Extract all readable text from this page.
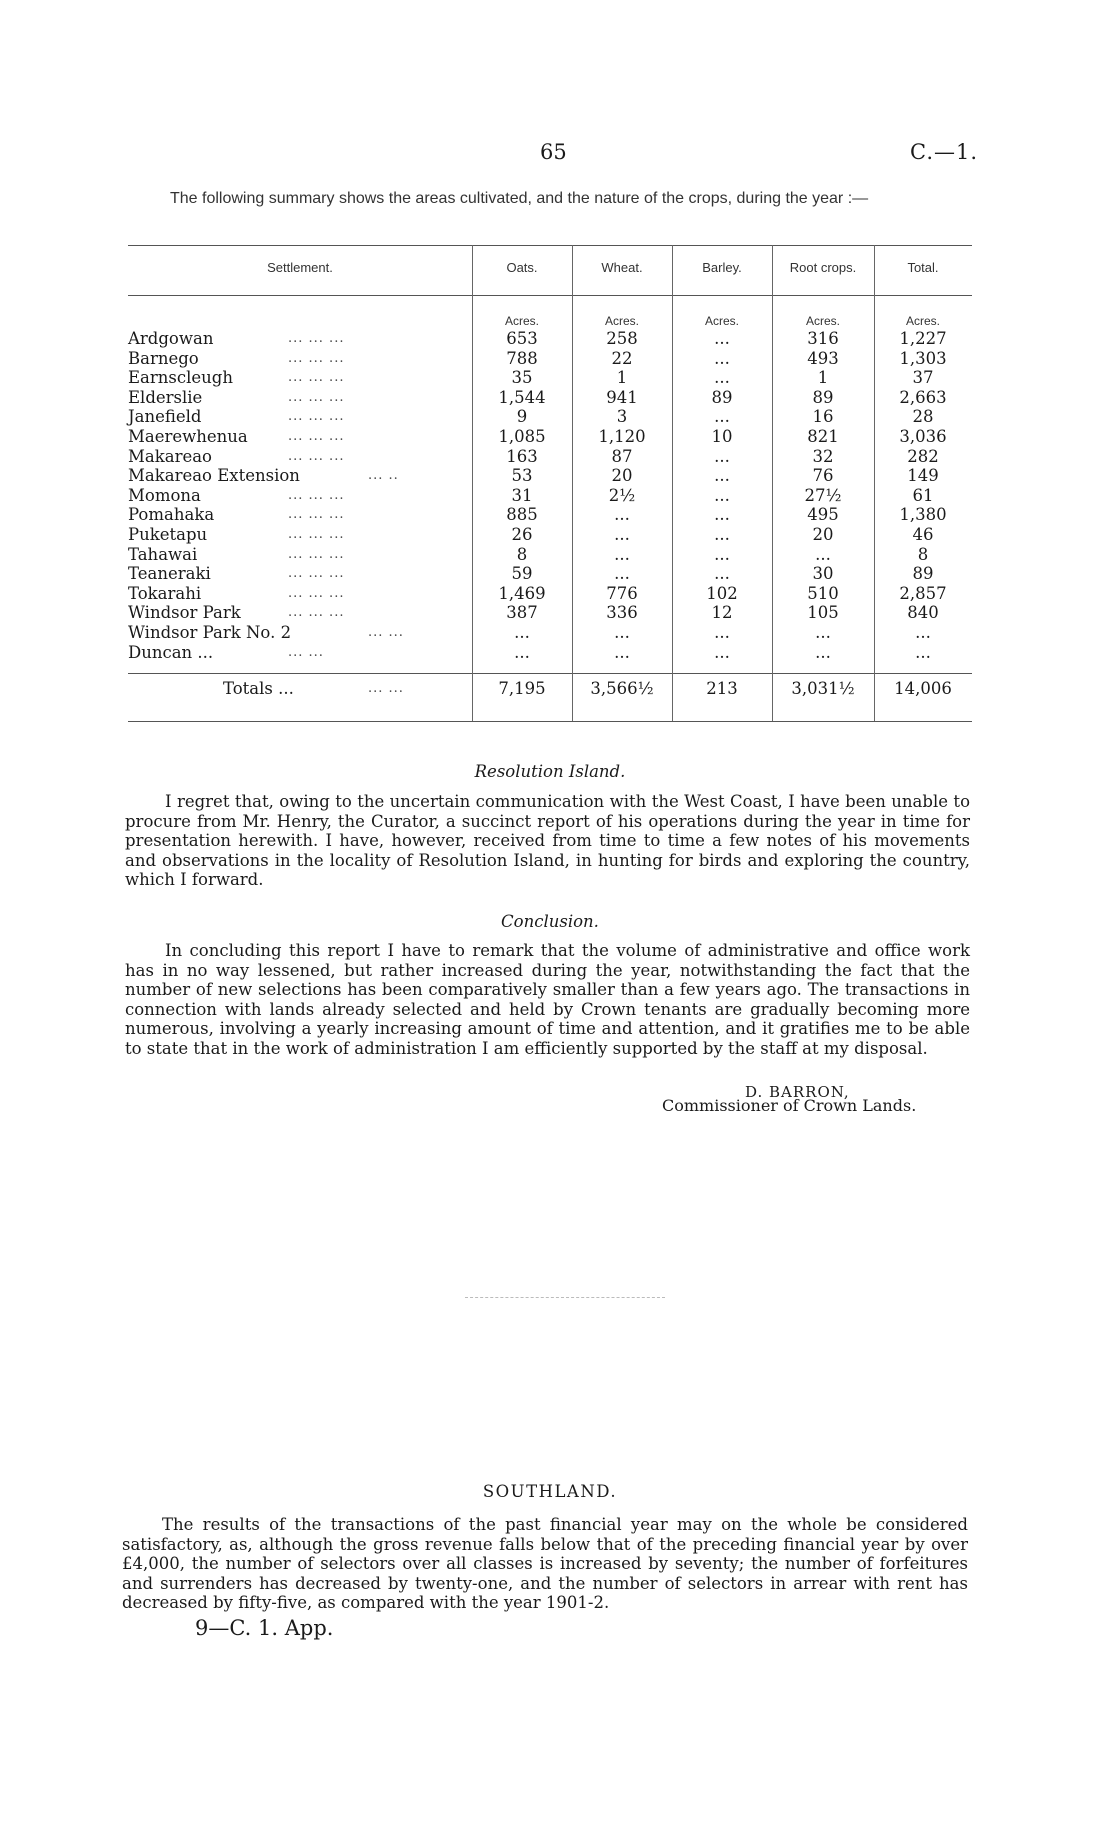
65	C.—1.
The following summary shows the areas cultivated, and the nature of the crops, during the year :—
Settlement.	Oats.	Wheat.	Barley.	Root crops.	Total.
Acres.	Acres.	Acres.	Acres.	Acres.
Ardgowan	... ... ...	653	258	...	316	1,227
Barnego	... ... ...	788	22	...	493	1,303
Earnscleugh	... ... ...	35	1	...	1	37
Elderslie	... ... ...	1,544	941	89	89	2,663
Janefield	... ... ...	9	3	...	16	28
Maerewhenua	... ... ...	1,085	1,120	10	821	3,036
Makareao	... ... ...	163	87	...	32	282
Makareao Extension	... ..	53	20	...	76	149
Momona	... ... ...	31	2½	...	27½	61
Pomahaka	... ... ...	885	...	...	495	1,380
Puketapu	... ... ...	26	...	...	20	46
Tahawai	... ... ...	8	...	...	...	8
Teaneraki	... ... ...	59	...	...	30	89
Tokarahi	... ... ...	1,469	776	102	510	2,857
Windsor Park	... ... ...	387	336	12	105	840
Windsor Park No. 2	... ...	...	...	...	...	...
Duncan ...	... ...	...	...	...	...	...
Totals ...	... ...	7,195	3,566½	213	3,031½	14,006
Resolution Island.

I regret that, owing to the uncertain communication with the West Coast, I have been unable to procure from Mr. Henry, the Curator, a succinct report of his operations during the year in time for presentation herewith. I have, however, received from time to time a few notes of his movements and observations in the locality of Resolution Island, in hunting for birds and exploring the country, which I forward.

Conclusion.

In concluding this report I have to remark that the volume of administrative and office work has in no way lessened, but rather increased during the year, notwithstanding the fact that the number of new selections has been comparatively smaller than a few years ago. The transactions in connection with lands already selected and held by Crown tenants are gradually becoming more numerous, involving a yearly increasing amount of time and attention, and it gratifies me to be able to state that in the work of administration I am efficiently supported by the staff at my disposal.

D. BARRON,
Commissioner of Crown Lands.
SOUTHLAND.

The results of the transactions of the past financial year may on the whole be considered satisfactory, as, although the gross revenue falls below that of the preceding financial year by over £4,000, the number of selectors over all classes is increased by seventy; the number of forfeitures and surrenders has decreased by twenty-one, and the number of selectors in arrear with rent has decreased by fifty-five, as compared with the year 1901-2.

9—C. 1. App.
